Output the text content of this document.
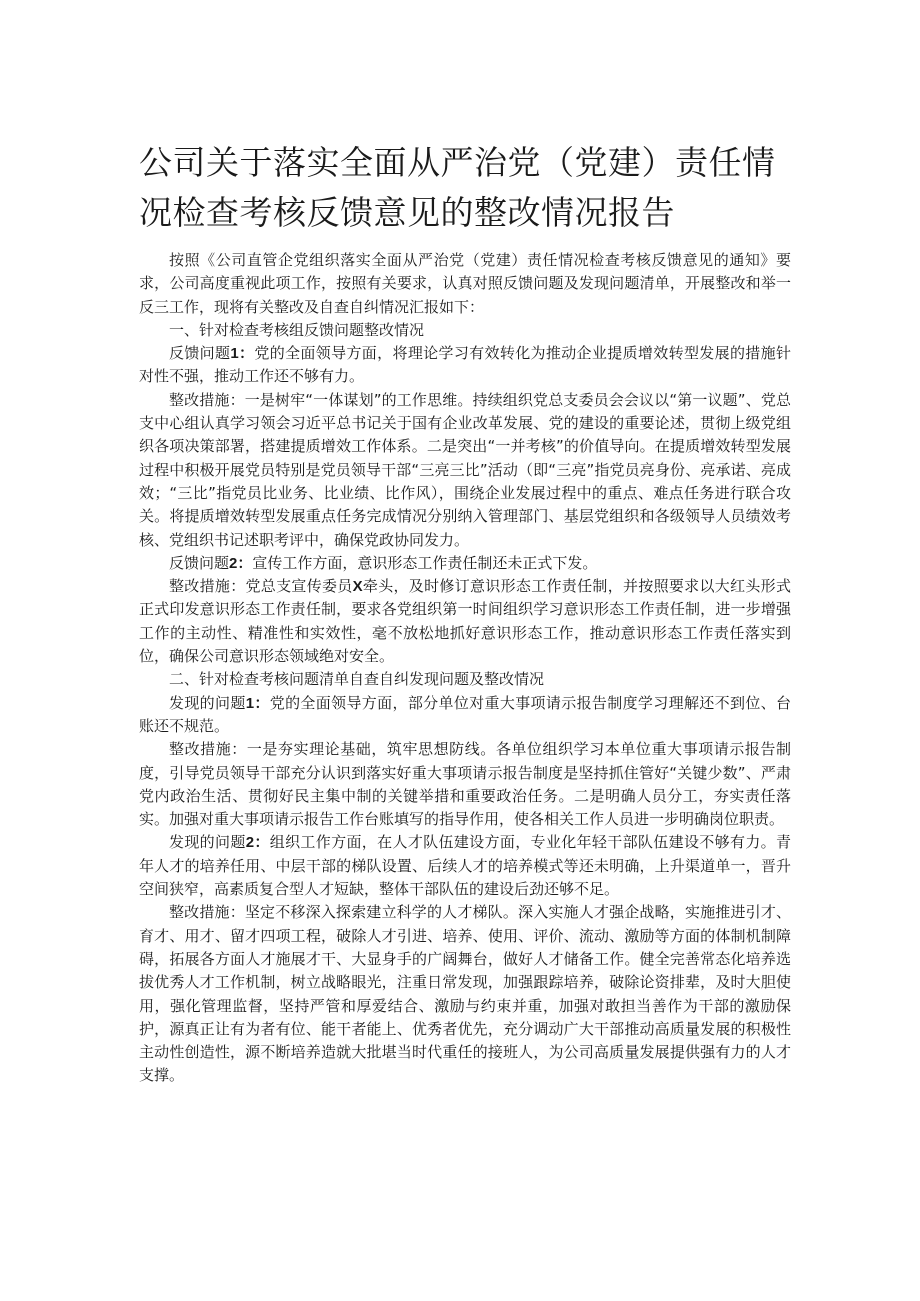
公司关于落实全面从严治党（党建）责任情况检查考核反馈意见的整改情况报告

按照《公司直管企党组织落实全面从严治党（党建）责任情况检查考核反馈意见的通知》要求，公司高度重视此项工作，按照有关要求，认真对照反馈问题及发现问题清单，开展整改和举一反三工作，现将有关整改及自查自纠情况汇报如下：

一、针对检查考核组反馈问题整改情况

反馈问题1：党的全面领导方面，将理论学习有效转化为推动企业提质增效转型发展的措施针对性不强，推动工作还不够有力。

整改措施：一是树牢“一体谋划”的工作思维。持续组织党总支委员会会议以“第一议题”、党总支中心组认真学习领会习近平总书记关于国有企业改革发展、党的建设的重要论述，贯彻上级党组织各项决策部署，搭建提质增效工作体系。二是突出“一并考核”的价值导向。在提质增效转型发展过程中积极开展党员特别是党员领导干部“三亮三比”活动（即“三亮”指党员亮身份、亮承诺、亮成效；“三比”指党员比业务、比业绩、比作风），围绕企业发展过程中的重点、难点任务进行联合攻关。将提质增效转型发展重点任务完成情况分别纳入管理部门、基层党组织和各级领导人员绩效考核、党组织书记述职考评中，确保党政协同发力。

反馈问题2：宣传工作方面，意识形态工作责任制还未正式下发。

整改措施：党总支宣传委员X牵头，及时修订意识形态工作责任制，并按照要求以大红头形式正式印发意识形态工作责任制，要求各党组织第一时间组织学习意识形态工作责任制，进一步增强工作的主动性、精准性和实效性，毫不放松地抓好意识形态工作，推动意识形态工作责任落实到位，确保公司意识形态领域绝对安全。

二、针对检查考核问题清单自查自纠发现问题及整改情况

发现的问题1：党的全面领导方面，部分单位对重大事项请示报告制度学习理解还不到位、台账还不规范。

整改措施：一是夯实理论基础，筑牢思想防线。各单位组织学习本单位重大事项请示报告制度，引导党员领导干部充分认识到落实好重大事项请示报告制度是坚持抓住管好“关键少数”、严肃党内政治生活、贯彻好民主集中制的关键举措和重要政治任务。二是明确人员分工，夯实责任落实。加强对重大事项请示报告工作台账填写的指导作用，使各相关工作人员进一步明确岗位职责。

发现的问题2：组织工作方面，在人才队伍建设方面，专业化年轻干部队伍建设不够有力。青年人才的培养任用、中层干部的梯队设置、后续人才的培养模式等还未明确，上升渠道单一，晋升空间狭窄，高素质复合型人才短缺，整体干部队伍的建设后劲还够不足。

整改措施：坚定不移深入探索建立科学的人才梯队。深入实施人才强企战略，实施推进引才、育才、用才、留才四项工程，破除人才引进、培养、使用、评价、流动、激励等方面的体制机制障碍，拓展各方面人才施展才干、大显身手的广阔舞台，做好人才储备工作。健全完善常态化培养选拔优秀人才工作机制，树立战略眼光，注重日常发现，加强跟踪培养，破除论资排辈，及时大胆使用，强化管理监督，坚持严管和厚爱结合、激励与约束并重，加强对敢担当善作为干部的激励保护，源真正让有为者有位、能干者能上、优秀者优先，充分调动广大干部推动高质量发展的积极性主动性创造性，源不断培养造就大批堪当时代重任的接班人，为公司高质量发展提供强有力的人才支撑。
